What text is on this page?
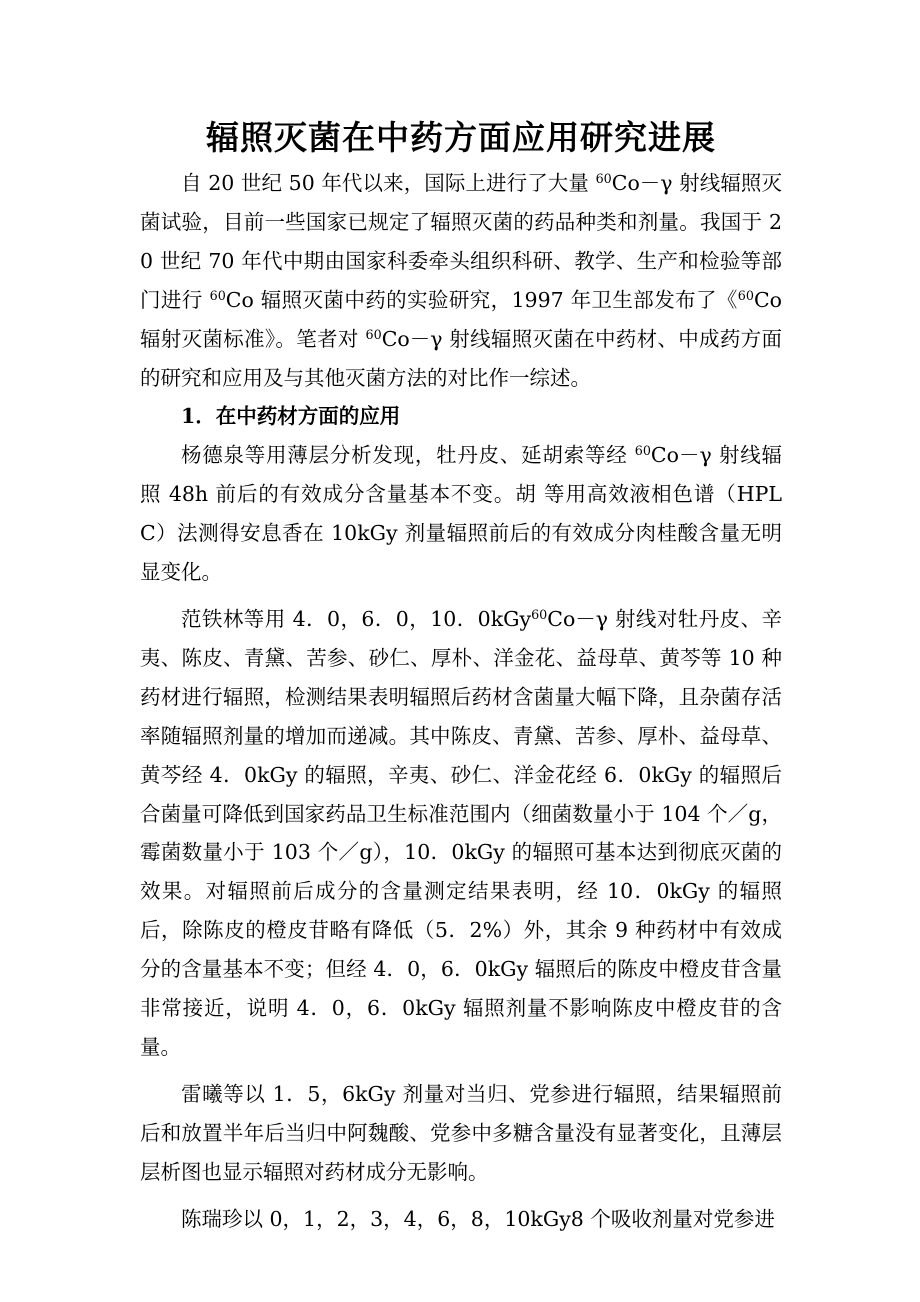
辐照灭菌在中药方面应用研究进展

自 20 世纪 50 年代以来，国际上进行了大量 $^{60}$Co－γ 射线辐照灭菌试验，目前一些国家已规定了辐照灭菌的药品种类和剂量。我国于 20 世纪 70 年代中期由国家科委牵头组织科研、教学、生产和检验等部门进行 $^{60}$Co 辐照灭菌中药的实验研究，1997 年卫生部发布了《$^{60}$Co 辐射灭菌标准》。笔者对 $^{60}$Co－γ 射线辐照灭菌在中药材、中成药方面的研究和应用及与其他灭菌方法的对比作一综述。

1．在中药材方面的应用

杨德泉等用薄层分析发现，牡丹皮、延胡索等经 $^{60}$Co－γ 射线辐照 48h 前后的有效成分含量基本不变。胡 等用高效液相色谱（HPLC）法测得安息香在 10kGy 剂量辐照前后的有效成分肉桂酸含量无明显变化。

范铁林等用 4．0，6．0，10．0kGy$^{60}$Co－γ 射线对牡丹皮、辛夷、陈皮、青黛、苦参、砂仁、厚朴、洋金花、益母草、黄芩等 10 种药材进行辐照，检测结果表明辐照后药材含菌量大幅下降，且杂菌存活率随辐照剂量的增加而递减。其中陈皮、青黛、苦参、厚朴、益母草、黄芩经 4．0kGy 的辐照，辛夷、砂仁、洋金花经 6．0kGy 的辐照后合菌量可降低到国家药品卫生标准范围内（细菌数量小于 104 个／g，霉菌数量小于 103 个／g），10．0kGy 的辐照可基本达到彻底灭菌的效果。对辐照前后成分的含量测定结果表明，经 10．0kGy 的辐照后，除陈皮的橙皮苷略有降低（5．2%）外，其余 9 种药材中有效成分的含量基本不变；但经 4．0，6．0kGy 辐照后的陈皮中橙皮苷含量非常接近，说明 4．0，6．0kGy 辐照剂量不影响陈皮中橙皮苷的含量。

雷曦等以 1．5，6kGy 剂量对当归、党参进行辐照，结果辐照前后和放置半年后当归中阿魏酸、党参中多糖含量没有显著变化，且薄层层析图也显示辐照对药材成分无影响。

陈瑞珍以 0，1，2，3，4，6，8，10kGy8 个吸收剂量对党参进
